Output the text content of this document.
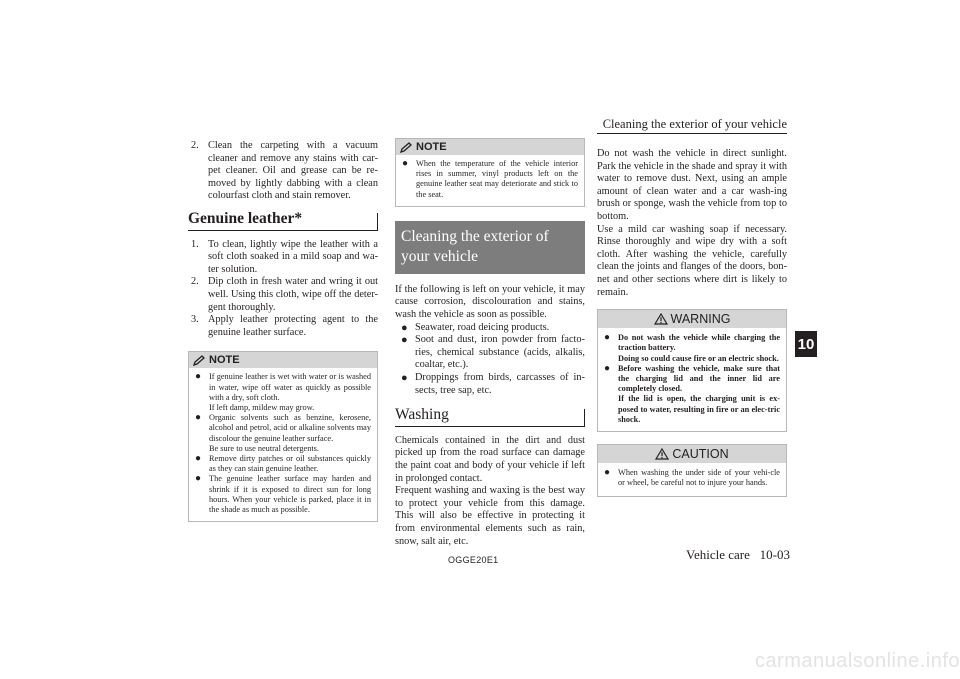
Cleaning the exterior of your vehicle
2. Clean the carpeting with a vacuum cleaner and remove any stains with car-pet cleaner. Oil and grease can be re-moved by lightly dabbing with a clean colourfast cloth and stain remover.
Genuine leather*
1. To clean, lightly wipe the leather with a soft cloth soaked in a mild soap and wa-ter solution.
2. Dip cloth in fresh water and wring it out well. Using this cloth, wipe off the deter-gent thoroughly.
3. Apply leather protecting agent to the genuine leather surface.
NOTE
● If genuine leather is wet with water or is washed in water, wipe off water as quickly as possible with a dry, soft cloth.
If left damp, mildew may grow.
● Organic solvents such as benzine, kerosene, alcohol and petrol, acid or alkaline solvents may discolour the genuine leather surface.
Be sure to use neutral detergents.
● Remove dirty patches or oil substances quickly as they can stain genuine leather.
● The genuine leather surface may harden and shrink if it is exposed to direct sun for long hours. When your vehicle is parked, place it in the shade as much as possible.
NOTE
● When the temperature of the vehicle interior rises in summer, vinyl products left on the genuine leather seat may deteriorate and stick to the seat.
Cleaning the exterior of
your vehicle
If the following is left on your vehicle, it may cause corrosion, discolouration and stains, wash the vehicle as soon as possible.
● Seawater, road deicing products.
● Soot and dust, iron powder from facto-ries, chemical substance (acids, alkalis, coaltar, etc.).
● Droppings from birds, carcasses of in-sects, tree sap, etc.
Washing
Chemicals contained in the dirt and dust picked up from the road surface can damage the paint coat and body of your vehicle if left in prolonged contact.
Frequent washing and waxing is the best way to protect your vehicle from this damage. This will also be effective in protecting it from environmental elements such as rain, snow, salt air, etc.
Do not wash the vehicle in direct sunlight. Park the vehicle in the shade and spray it with water to remove dust. Next, using an ample amount of clean water and a car wash-ing brush or sponge, wash the vehicle from top to bottom.
Use a mild car washing soap if necessary. Rinse thoroughly and wipe dry with a soft cloth. After washing the vehicle, carefully clean the joints and flanges of the doors, bon-net and other sections where dirt is likely to remain.
WARNING
● Do not wash the vehicle while charging the traction battery.
Doing so could cause fire or an electric shock.
● Before washing the vehicle, make sure that the charging lid and the inner lid are completely closed.
If the lid is open, the charging unit is ex-posed to water, resulting in fire or an elec-tric shock.
CAUTION
● When washing the under side of your vehi-cle or wheel, be careful not to injure your hands.
10
OGGE20E1	Vehicle care 10-03
carmanualsonline.info
